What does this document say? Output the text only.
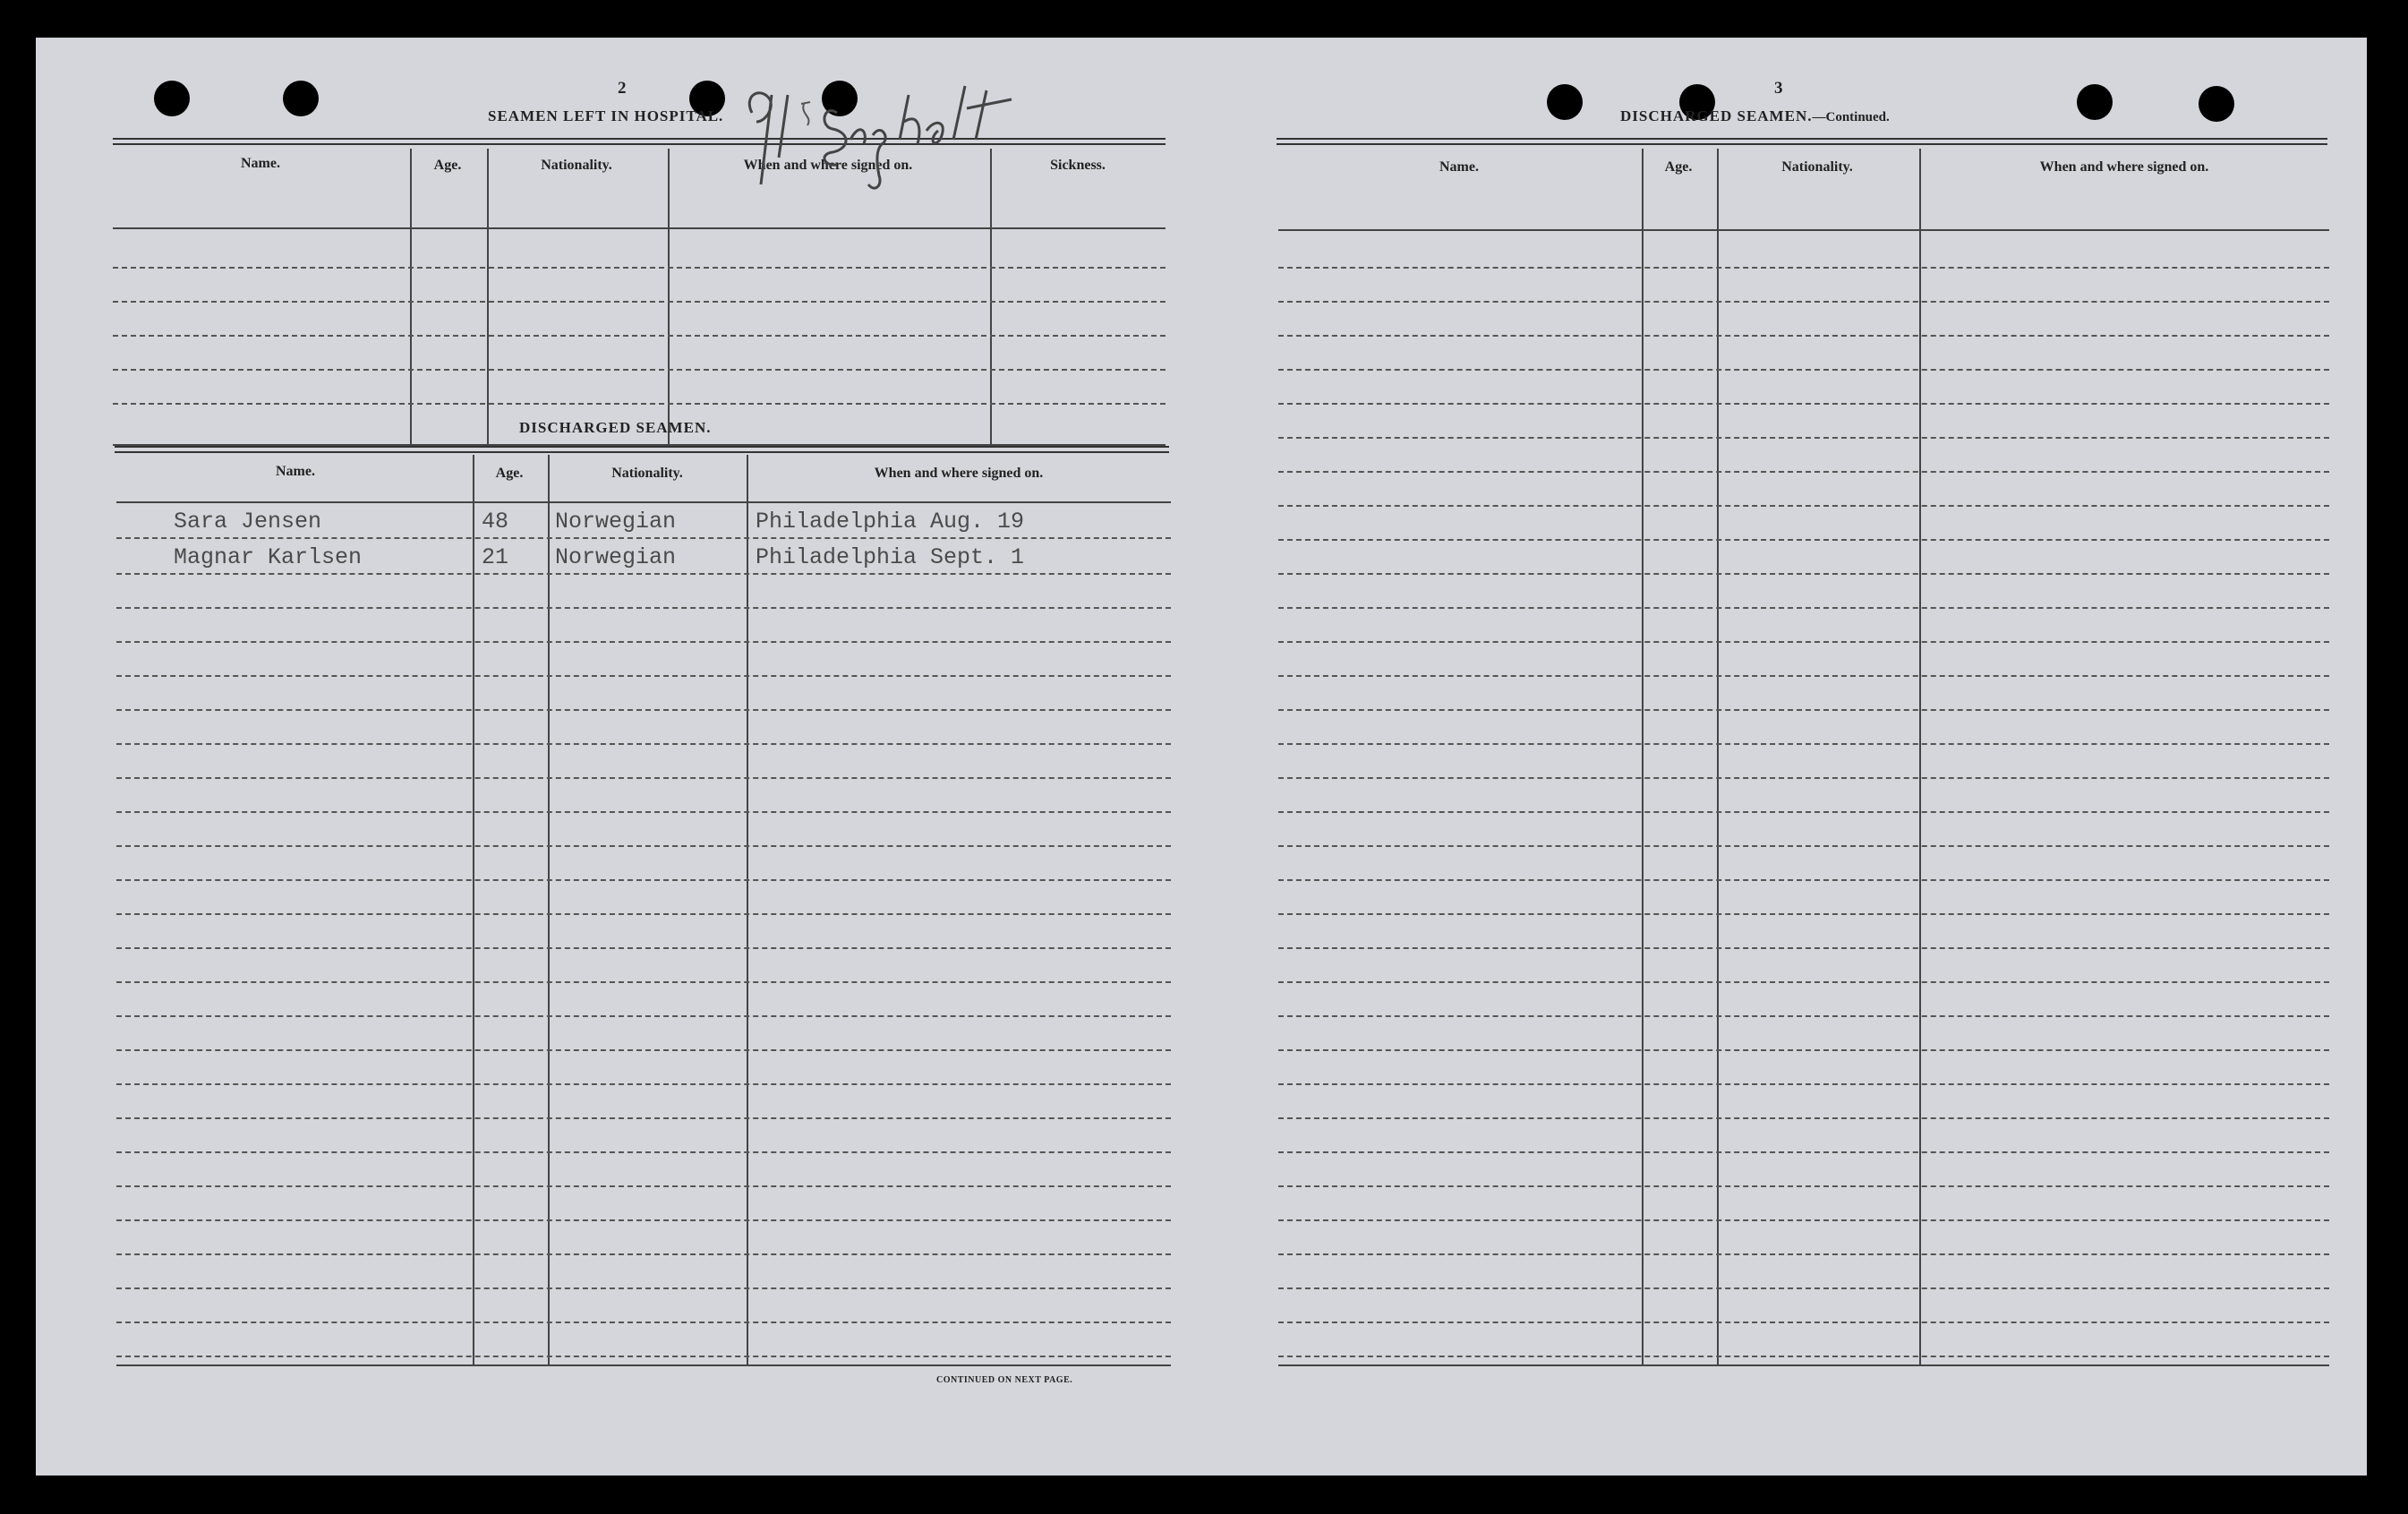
2
SEAMEN LEFT IN HOSPITAL.
Name.	Age.	Nationality.	When and where signed on.	Sickness.
DISCHARGED SEAMEN.
Name.	Age.	Nationality.	When and where signed on.
Sara Jensen	48 Norwegian	Philadelphia Aug. 19
Magnar Karlsen	21 Norwegian	Philadelphia Sept. 1
CONTINUED ON NEXT PAGE.
3
DISCHARGED SEAMEN.—Continued.
Name.	Age.	Nationality.	When and where signed on.
